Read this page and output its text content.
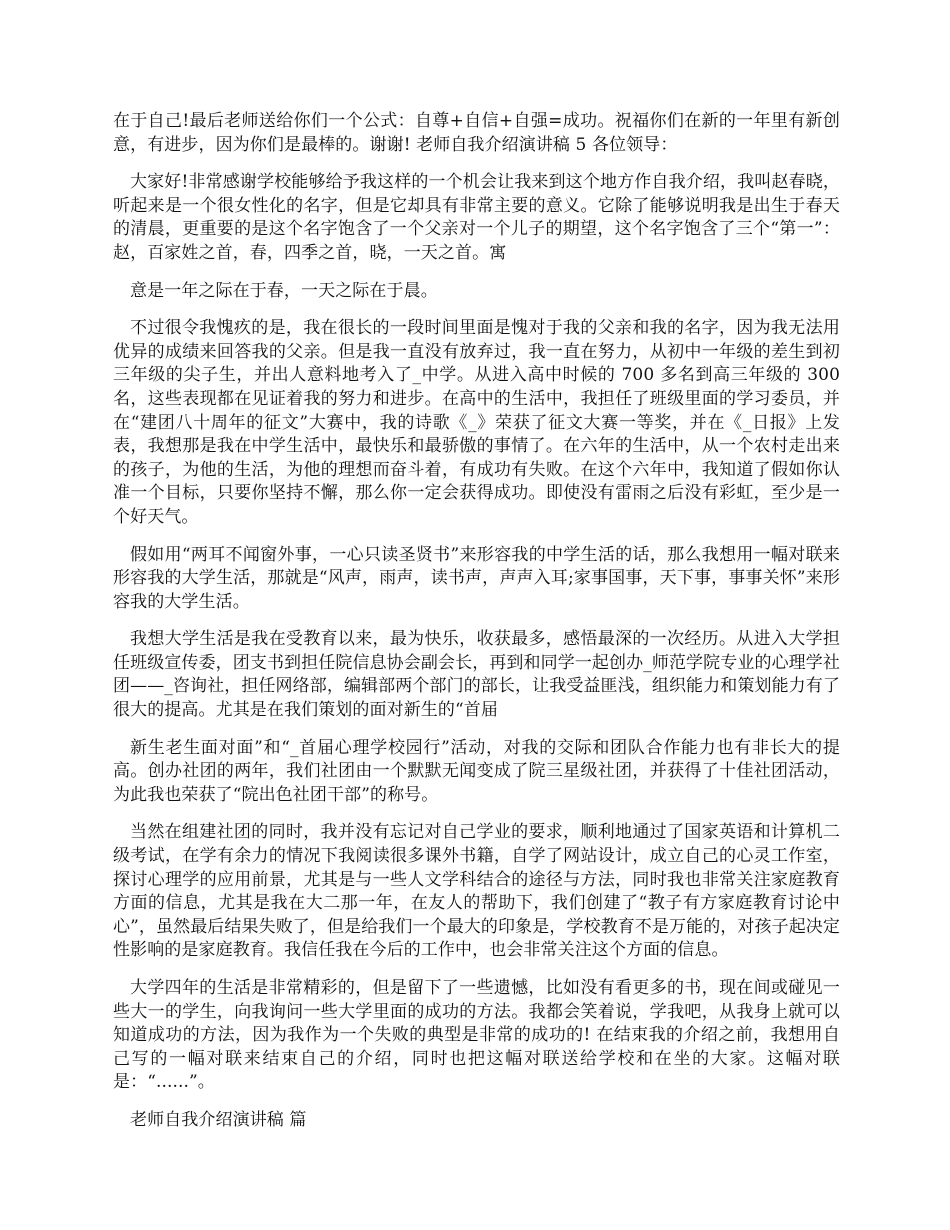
在于自己!最后老师送给你们一个公式：自尊+自信+自强=成功。祝福你们在新的一年里有新创意，有进步，因为你们是最棒的。谢谢! 老师自我介绍演讲稿 5 各位领导：

大家好!非常感谢学校能够给予我这样的一个机会让我来到这个地方作自我介绍，我叫赵春晓，听起来是一个很女性化的名字，但是它却具有非常主要的意义。它除了能够说明我是出生于春天的清晨，更重要的是这个名字饱含了一个父亲对一个儿子的期望，这个名字饱含了三个“第一”：赵，百家姓之首，春，四季之首，晓，一天之首。寓

意是一年之际在于春，一天之际在于晨。

不过很令我愧疚的是，我在很长的一段时间里面是愧对于我的父亲和我的名字，因为我无法用优异的成绩来回答我的父亲。但是我一直没有放弃过，我一直在努力，从初中一年级的差生到初三年级的尖子生，并出人意料地考入了_中学。从进入高中时候的 700 多名到高三年级的 300 名，这些表现都在见证着我的努力和进步。在高中的生活中，我担任了班级里面的学习委员，并在“建团八十周年的征文”大赛中，我的诗歌《_》荣获了征文大赛一等奖，并在《_日报》上发表，我想那是我在中学生活中，最快乐和最骄傲的事情了。在六年的生活中，从一个农村走出来的孩子，为他的生活，为他的理想而奋斗着，有成功有失败。在这个六年中，我知道了假如你认准一个目标，只要你坚持不懈，那么你一定会获得成功。即使没有雷雨之后没有彩虹，至少是一个好天气。

假如用“两耳不闻窗外事，一心只读圣贤书”来形容我的中学生活的话，那么我想用一幅对联来形容我的大学生活，那就是“风声，雨声，读书声，声声入耳;家事国事，天下事，事事关怀”来形容我的大学生活。

我想大学生活是我在受教育以来，最为快乐，收获最多，感悟最深的一次经历。从进入大学担任班级宣传委，团支书到担任院信息协会副会长，再到和同学一起创办_师范学院专业的心理学社团——_咨询社，担任网络部，编辑部两个部门的部长，让我受益匪浅，组织能力和策划能力有了很大的提高。尤其是在我们策划的面对新生的“首届

新生老生面对面”和“_首届心理学校园行”活动，对我的交际和团队合作能力也有非长大的提高。创办社团的两年，我们社团由一个默默无闻变成了院三星级社团，并获得了十佳社团活动，为此我也荣获了“院出色社团干部”的称号。

当然在组建社团的同时，我并没有忘记对自己学业的要求，顺利地通过了国家英语和计算机二级考试，在学有余力的情况下我阅读很多课外书籍，自学了网站设计，成立自己的心灵工作室，探讨心理学的应用前景，尤其是与一些人文学科结合的途径与方法，同时我也非常关注家庭教育方面的信息，尤其是我在大二那一年，在友人的帮助下，我们创建了“教子有方家庭教育讨论中心”，虽然最后结果失败了，但是给我们一个最大的印象是，学校教育不是万能的，对孩子起决定性影响的是家庭教育。我信任我在今后的工作中，也会非常关注这个方面的信息。

大学四年的生活是非常精彩的，但是留下了一些遗憾，比如没有看更多的书，现在间或碰见一些大一的学生，向我询问一些大学里面的成功的方法。我都会笑着说，学我吧，从我身上就可以知道成功的方法，因为我作为一个失败的典型是非常的成功的! 在结束我的介绍之前，我想用自己写的一幅对联来结束自己的介绍，同时也把这幅对联送给学校和在坐的大家。这幅对联是：“......”。

老师自我介绍演讲稿 篇
